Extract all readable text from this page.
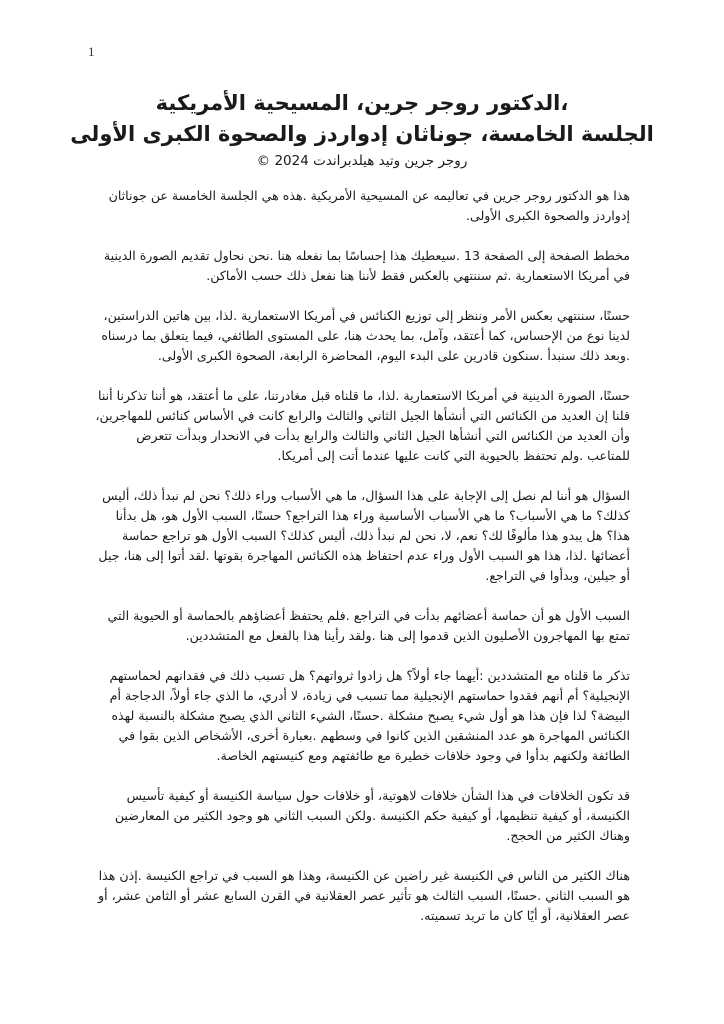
1

،الدكتور روجر جرين، المسيحية الأمريكية

الجلسة الخامسة، جوناثان إدواردز والصحوة الكبرى الأولى

روجر جرين وتيد هيلدبراندت 2024 ©

هذا هو الدكتور روجر جرين في تعاليمه عن المسيحية الأمريكية .هذه هي الجلسة الخامسة عن جوناثان إدواردز والصحوة الكبرى الأولى.

مخطط الصفحة إلى الصفحة 13 .سيعطيك هذا إحساسًا بما نفعله هنا .نحن نحاول تقديم الصورة الدينية في أمريكا الاستعمارية .ثم سننتهي بالعكس فقط لأننا هنا نفعل ذلك حسب الأماكن.

حسنًا، سننتهي بعكس الأمر وننظر إلى توزيع الكنائس في أمريكا الاستعمارية .لذا، بين هاتين الدراستين، لدينا نوع من الإحساس، كما أعتقد، وآمل، بما يحدث هنا، على المستوى الطائفي، فيما يتعلق بما درسناه .وبعد ذلك سنبدأ .سنكون قادرين على البدء اليوم، المحاضرة الرابعة، الصحوة الكبرى الأولى.

حسنًا، الصورة الدينية في أمريكا الاستعمارية .لذا، ما قلناه قبل مغادرتنا، على ما أعتقد، هو أننا تذكرنا أننا قلنا إن العديد من الكنائس التي أنشأها الجيل الثاني والثالث والرابع كانت في الأساس كنائس للمهاجرين، وأن العديد من الكنائس التي أنشأها الجيل الثاني والثالث والرابع بدأت في الانحدار وبدأت تتعرض للمتاعب .ولم تحتفظ بالحيوية التي كانت عليها عندما أتت إلى أمريكا.

السؤال هو أننا لم نصل إلى الإجابة على هذا السؤال، ما هي الأسباب وراء ذلك؟ نحن لم نبدأ ذلك، أليس كذلك؟ ما هي الأسباب؟ ما هي الأسباب الأساسية وراء هذا التراجع؟ حسنًا، السبب الأول هو، هل بدأنا هذا؟ هل يبدو هذا مألوفًا لك؟ نعم، لا، نحن لم نبدأ ذلك، أليس كذلك؟ السبب الأول هو تراجع حماسة أعضائها .لذا، هذا هو السبب الأول وراء عدم احتفاظ هذه الكنائس المهاجرة بقوتها .لقد أتوا إلى هنا، جيل أو جيلين، وبدأوا في التراجع.

السبب الأول هو أن حماسة أعضائهم بدأت في التراجع .فلم يحتفظ أعضاؤهم بالحماسة أو الحيوية التي تمتع بها المهاجرون الأصليون الذين قدموا إلى هنا .ولقد رأينا هذا بالفعل مع المتشددين.

تذكر ما قلناه مع المتشددين :أيهما جاء أولاً؟ هل زادوا ثرواتهم؟ هل تسبب ذلك في فقدانهم لحماستهم الإنجيلية؟ أم أنهم فقدوا حماستهم الإنجيلية مما تسبب في زيادة، لا أدري، ما الذي جاء أولاً، الدجاجة أم البيضة؟ لذا فإن هذا هو أول شيء يصبح مشكلة .حسنًا، الشيء الثاني الذي يصبح مشكلة بالنسبة لهذه الكنائس المهاجرة هو عدد المنشقين الذين كانوا في وسطهم .بعبارة أخرى، الأشخاص الذين بقوا في الطائفة ولكنهم بدأوا في وجود خلافات خطيرة مع طائفتهم ومع كنيستهم الخاصة.

قد تكون الخلافات في هذا الشأن خلافات لاهوتية، أو خلافات حول سياسة الكنيسة أو كيفية تأسيس الكنيسة، أو كيفية تنظيمها، أو كيفية حكم الكنيسة .ولكن السبب الثاني هو وجود الكثير من المعارضين وهناك الكثير من الحجج.

هناك الكثير من الناس في الكنيسة غير راضين عن الكنيسة، وهذا هو السبب في تراجع الكنيسة .إذن هذا هو السبب الثاني .حسنًا، السبب الثالث هو تأثير عصر العقلانية في القرن السابع عشر أو الثامن عشر، أو عصر العقلانية، أو أيًا كان ما تريد تسميته.
